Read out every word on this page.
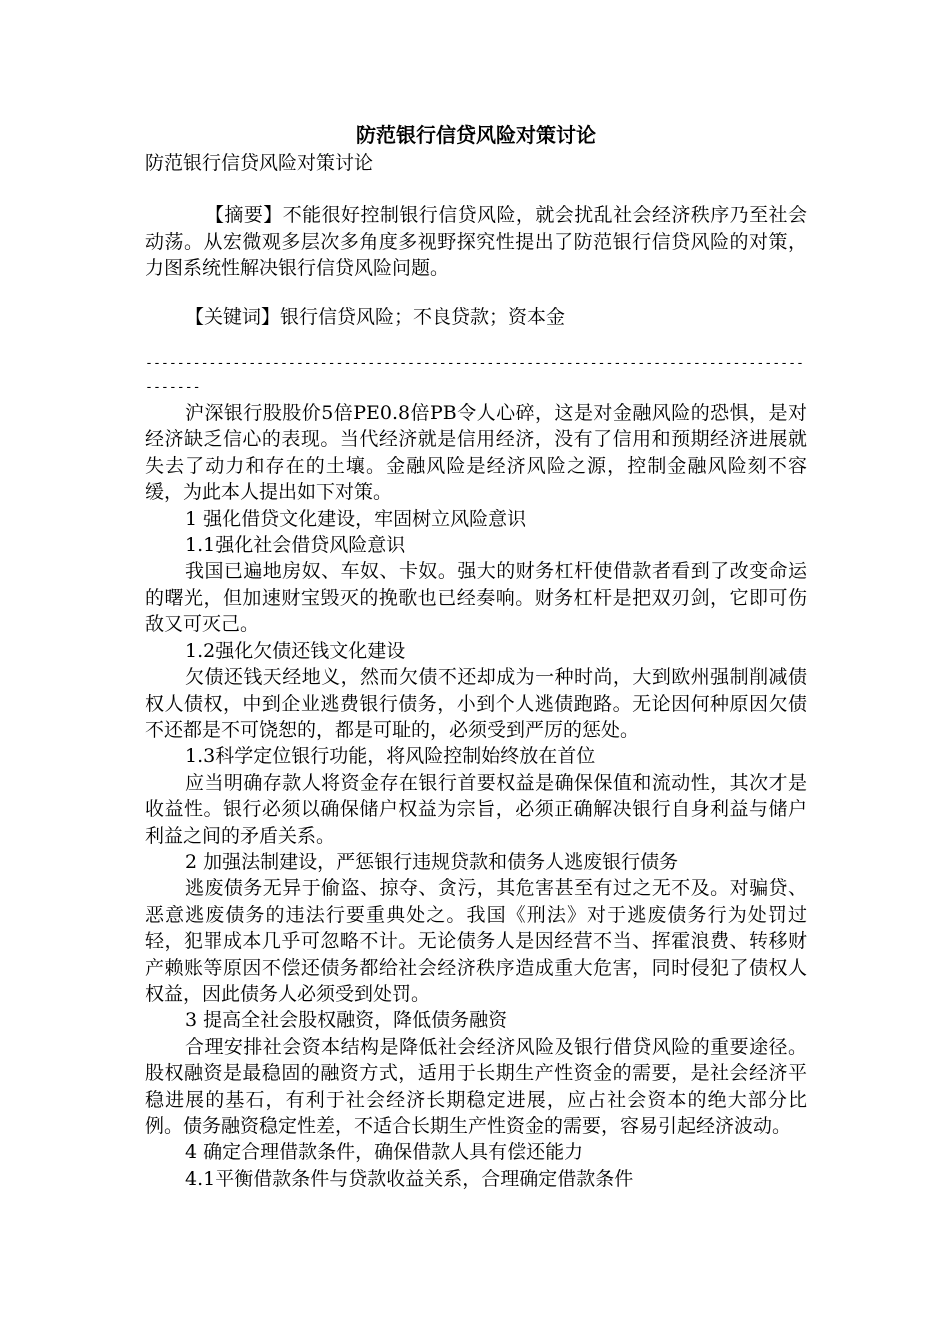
防范银行信贷风险对策讨论

防范银行信贷风险对策讨论

【摘要】不能很好控制银行信贷风险，就会扰乱社会经济秩序乃至社会动荡。从宏微观多层次多角度多视野探究性提出了防范银行信贷风险的对策，力图系统性解决银行信贷风险问题。

【关键词】银行信贷风险；不良贷款；资本金

------------------------------------------------------------------------------------------

沪深银行股股价5倍PE0.8倍PB令人心碎，这是对金融风险的恐惧，是对经济缺乏信心的表现。当代经济就是信用经济，没有了信用和预期经济进展就失去了动力和存在的土壤。金融风险是经济风险之源，控制金融风险刻不容缓，为此本人提出如下对策。

1 强化借贷文化建设，牢固树立风险意识

1.1强化社会借贷风险意识

我国已遍地房奴、车奴、卡奴。强大的财务杠杆使借款者看到了改变命运的曙光，但加速财宝毁灭的挽歌也已经奏响。财务杠杆是把双刃剑，它即可伤敌又可灭己。

1.2强化欠债还钱文化建设

欠债还钱天经地义，然而欠债不还却成为一种时尚，大到欧州强制削减债权人债权，中到企业逃费银行债务，小到个人逃债跑路。无论因何种原因欠债不还都是不可饶恕的，都是可耻的，必须受到严厉的惩处。

1.3科学定位银行功能，将风险控制始终放在首位

应当明确存款人将资金存在银行首要权益是确保保值和流动性，其次才是收益性。银行必须以确保储户权益为宗旨，必须正确解决银行自身利益与储户利益之间的矛盾关系。

2 加强法制建设，严惩银行违规贷款和债务人逃废银行债务

逃废债务无异于偷盗、掠夺、贪污，其危害甚至有过之无不及。对骗贷、恶意逃废债务的违法行要重典处之。我国《刑法》对于逃废债务行为处罚过轻，犯罪成本几乎可忽略不计。无论债务人是因经营不当、挥霍浪费、转移财产赖账等原因不偿还债务都给社会经济秩序造成重大危害，同时侵犯了债权人权益，因此债务人必须受到处罚。

3 提高全社会股权融资，降低债务融资

合理安排社会资本结构是降低社会经济风险及银行借贷风险的重要途径。股权融资是最稳固的融资方式，适用于长期生产性资金的需要，是社会经济平稳进展的基石，有利于社会经济长期稳定进展，应占社会资本的绝大部分比例。债务融资稳定性差，不适合长期生产性资金的需要，容易引起经济波动。

4 确定合理借款条件，确保借款人具有偿还能力

4.1平衡借款条件与贷款收益关系，合理确定借款条件
